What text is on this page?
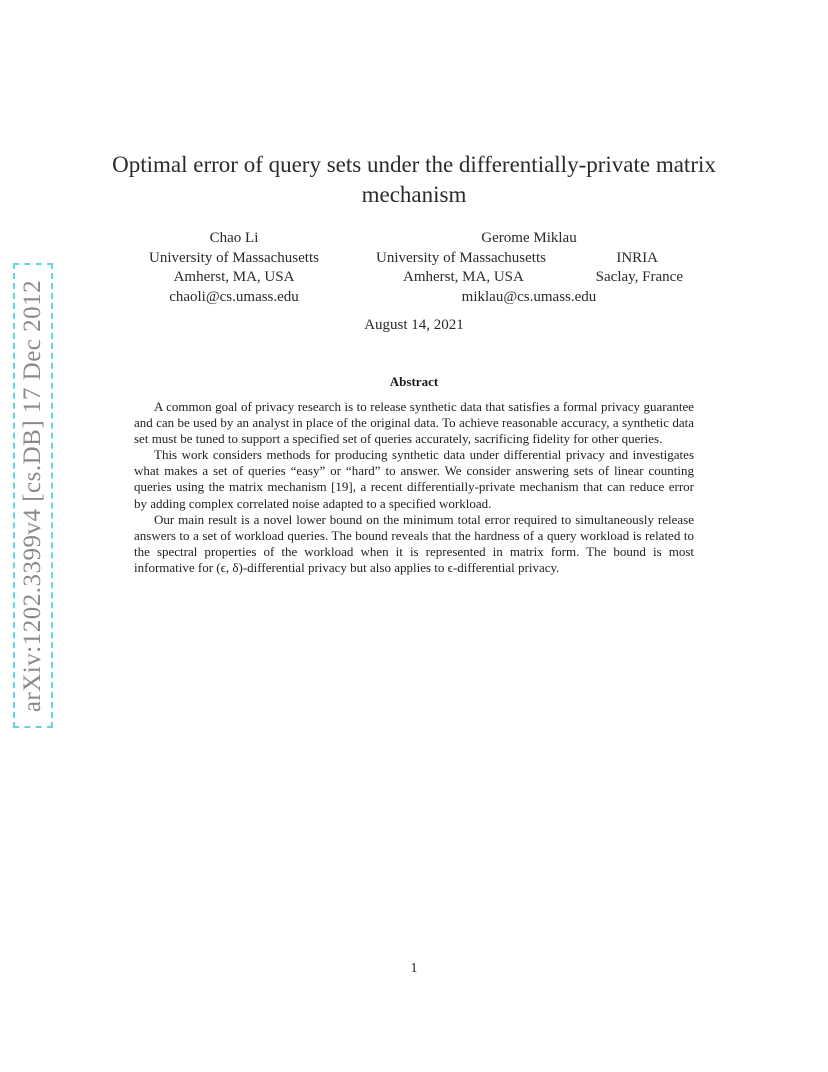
arXiv:1202.3399v4 [cs.DB] 17 Dec 2012
Optimal error of query sets under the differentially-private matrix mechanism
Chao Li
University of Massachusetts
Amherst, MA, USA
chaoli@cs.umass.edu
Gerome Miklau
University of Massachusetts	INRIA
Amherst, MA, USA	Saclay, France
miklau@cs.umass.edu
August 14, 2021
Abstract

A common goal of privacy research is to release synthetic data that satisfies a formal privacy guarantee and can be used by an analyst in place of the original data. To achieve reasonable accuracy, a synthetic data set must be tuned to support a specified set of queries accurately, sacrificing fidelity for other queries.

This work considers methods for producing synthetic data under differential privacy and investigates what makes a set of queries “easy” or “hard” to answer. We consider answering sets of linear counting queries using the matrix mechanism [19], a recent differentially-private mechanism that can reduce error by adding complex correlated noise adapted to a specified workload.

Our main result is a novel lower bound on the minimum total error required to simultaneously release answers to a set of workload queries. The bound reveals that the hardness of a query workload is related to the spectral properties of the workload when it is represented in matrix form. The bound is most informative for (ϵ, δ)-differential privacy but also applies to ϵ-differential privacy.

1
